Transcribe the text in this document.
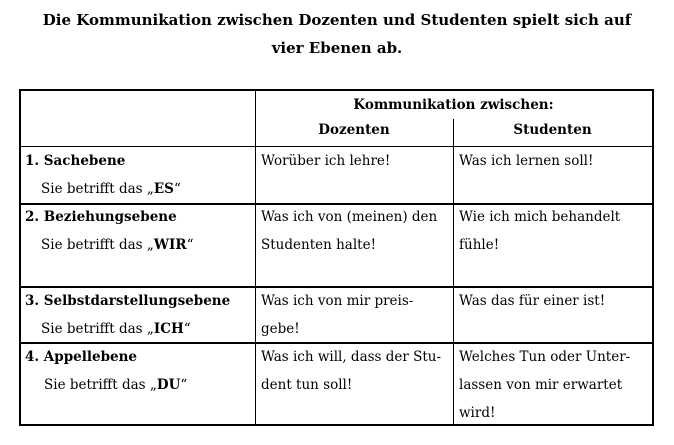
Die Kommunikation zwischen Dozenten und Studenten spielt sich auf
vier Ebenen ab.
Kommunikation zwischen:
Dozenten	Studenten
1. Sachebene
Sie betrifft das „ES“
Worüber ich lehre!	Was ich lernen soll!
2. Beziehungsebene
Sie betrifft das „WIR“
Was ich von (meinen) den
Studenten halte!
Wie ich mich behandelt
fühle!
3. Selbstdarstellungsebene
Sie betrifft das „ICH“
Was ich von mir preis-
gebe!
Was das für einer ist!
4. Appellebene
Sie betrifft das „DU“
Was ich will, dass der Stu-
dent tun soll!
Welches Tun oder Unter-
lassen von mir erwartet
wird!
